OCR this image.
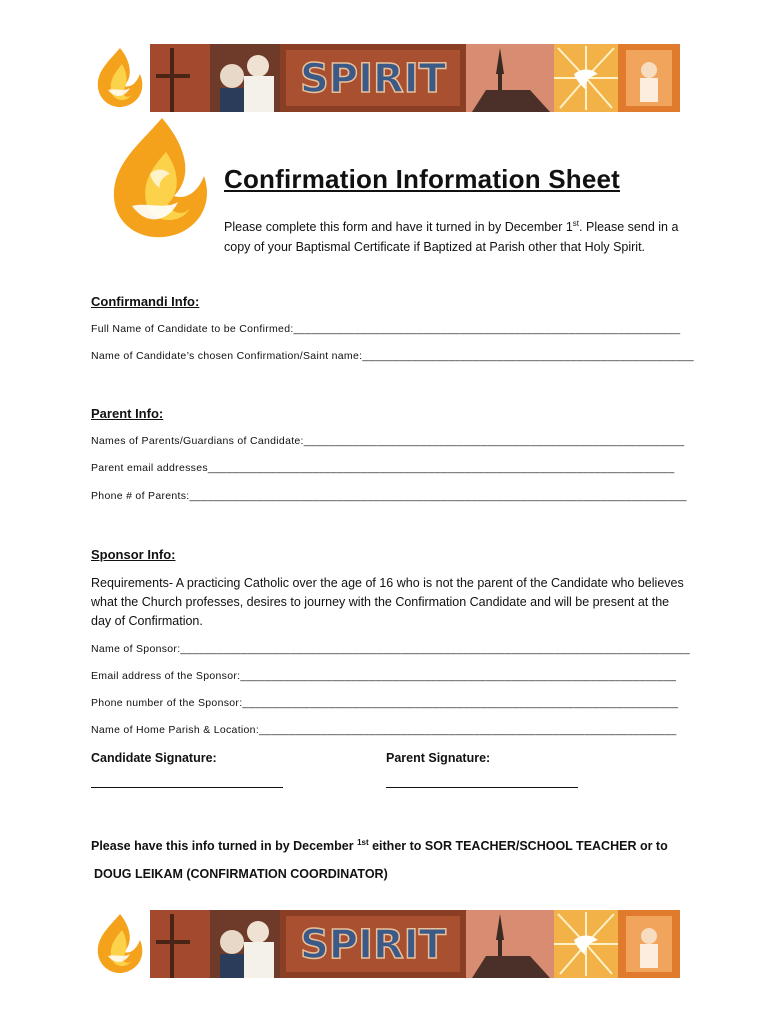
SPIRIT
Confirmation Information Sheet
Please complete this form and have it turned in by December 1st. Please send in a copy of your Baptismal Certificate if Baptized at Parish other that Holy Spirit.
Confirmandi Info:
Full Name of Candidate to be Confirmed:_______________________________________________________________
Name of Candidate’s chosen Confirmation/Saint name:______________________________________________________
Parent Info:
Names of Parents/Guardians of Candidate:______________________________________________________________
Parent email addresses____________________________________________________________________________
Phone # of Parents:_________________________________________________________________________________
Sponsor Info:
Requirements- A practicing Catholic over the age of 16 who is not the parent of the Candidate who believes what the Church professes, desires to journey with the Confirmation Candidate and will be present at the day of Confirmation.
Name of Sponsor:___________________________________________________________________________________
Email address of the Sponsor:_______________________________________________________________________
Phone number of the Sponsor:_______________________________________________________________________
Name of Home Parish & Location:____________________________________________________________________
Candidate Signature:	Parent Signature:
Please have this info turned in by December $^{1st}$ either to SOR TEACHER/SCHOOL TEACHER or to
DOUG LEIKAM (CONFIRMATION COORDINATOR)
SPIRIT
